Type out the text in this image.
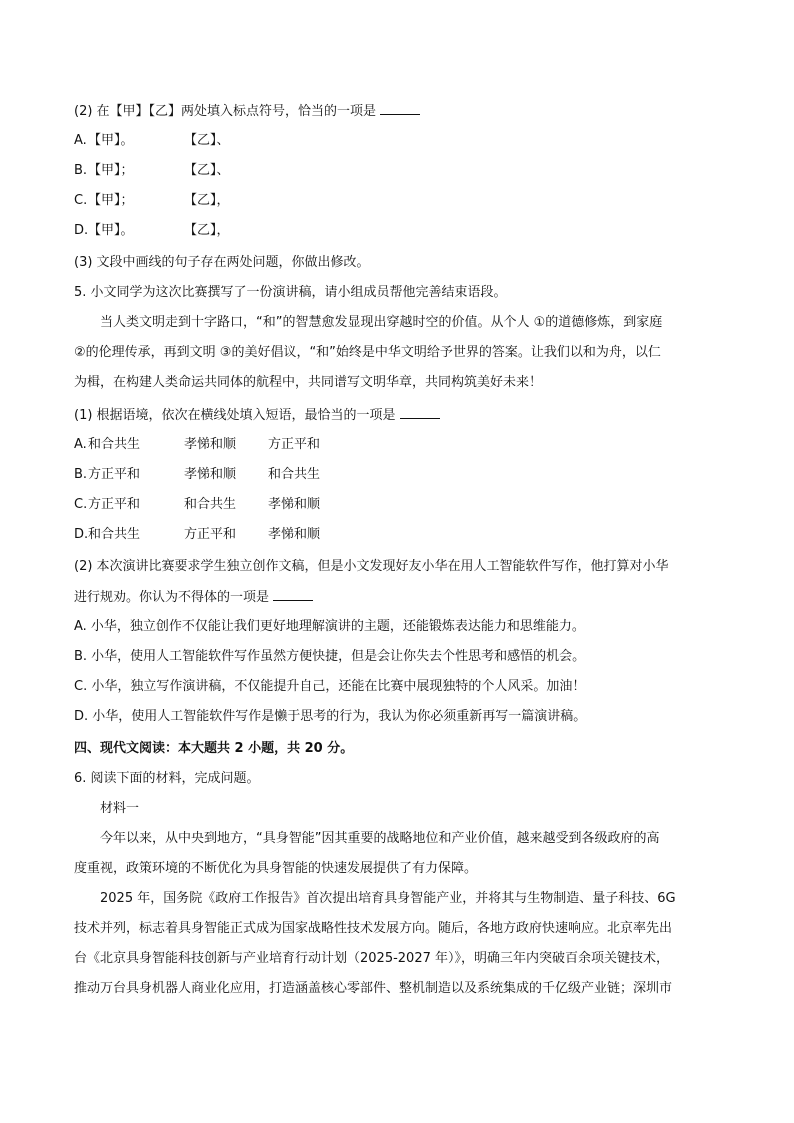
(2) 在【甲】【乙】两处填入标点符号，恰当的一项是
A.【甲】。	【乙】、
B.【甲】；	【乙】、
C.【甲】；	【乙】，
D.【甲】。	【乙】，
(3) 文段中画线的句子存在两处问题，你做出修改。
5. 小文同学为这次比赛撰写了一份演讲稿，请小组成员帮他完善结束语段。
当人类文明走到十字路口，“和”的智慧愈发显现出穿越时空的价值。从个人 ①的道德修炼，到家庭
②的伦理传承，再到文明 ③的美好倡议，“和”始终是中华文明给予世界的答案。让我们以和为舟，以仁
为楫，在构建人类命运共同体的航程中，共同谱写文明华章，共同构筑美好未来！
(1) 根据语境，依次在横线处填入短语，最恰当的一项是
A.和合共生	孝悌和顺 方正平和
B.方正平和	孝悌和顺 和合共生
C.方正平和	和合共生 孝悌和顺
D.和合共生	方正平和 孝悌和顺
(2) 本次演讲比赛要求学生独立创作文稿，但是小文发现好友小华在用人工智能软件写作，他打算对小华
进行规劝。你认为不得体的一项是
A. 小华，独立创作不仅能让我们更好地理解演讲的主题，还能锻炼表达能力和思维能力。
B. 小华，使用人工智能软件写作虽然方便快捷，但是会让你失去个性思考和感悟的机会。
C. 小华，独立写作演讲稿，不仅能提升自己，还能在比赛中展现独特的个人风采。加油！
D. 小华，使用人工智能软件写作是懒于思考的行为，我认为你必须重新再写一篇演讲稿。
四、现代文阅读：本大题共 2 小题，共 20 分。
6. 阅读下面的材料，完成问题。
材料一
今年以来，从中央到地方，“具身智能”因其重要的战略地位和产业价值，越来越受到各级政府的高
度重视，政策环境的不断优化为具身智能的快速发展提供了有力保障。
2025 年，国务院《政府工作报告》首次提出培育具身智能产业，并将其与生物制造、量子科技、6G
技术并列，标志着具身智能正式成为国家战略性技术发展方向。随后，各地方政府快速响应。北京率先出
台《北京具身智能科技创新与产业培育行动计划（2025-2027 年）》，明确三年内突破百余项关键技术，
推动万台具身机器人商业化应用，打造涵盖核心零部件、整机制造以及系统集成的千亿级产业链；深圳市
